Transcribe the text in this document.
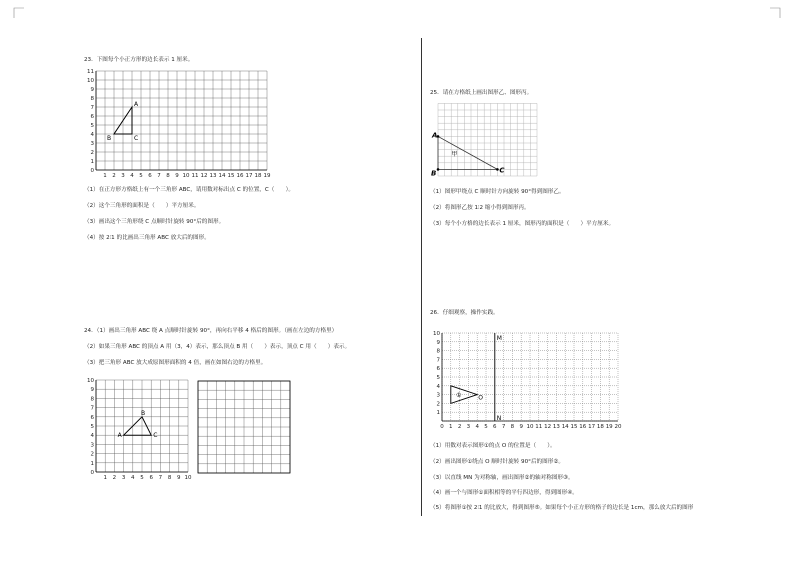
23．下图每个小正方形的边长表示 1 厘米。
1 2 3 4 5 6 7 8 9 10 11 12 13 14 15 16 17 18 19
0
1
2
3
4
5
6
7
8
9
10
11
A
B	C
（1）在正方形方格纸上有一个三角形 ABC，请用数对标出点 C 的位置，C（　　）。
（2）这个三角形的面积是（　　）平方厘米。
（3）画出这个三角形绕 C 点顺时针旋转 90°后的图形。
（4）按 2∶1 的比画出三角形 ABC 放大后的图形。
24．（1）画出三角形 ABC 绕 A 点顺时针旋转 90°，再向右平移 4 格后的图形。（画在左边的方格里）
（2）如果三角形 ABC 的顶点 A 用（3，4）表示，那么顶点 B 用（　　）表示，顶点 C 用（　　）表示。
（3）把三角形 ABC 放大成原图形面积的 4 倍，画在如图右边的方格里。
1 2 3 4 5 6 7 8 9 10
0
1
2
3
4
5
6
7
8
9
10
A
B
C
25．请在方格纸上画出图形乙、图形丙。
A
B	C
甲
（1）图形甲绕点 C 顺时针方向旋转 90°得到图形乙。
（2）将图形乙按 1∶2 缩小得到图形丙。
（3）每个小方格的边长表示 1 厘米，图形丙的面积是（　　）平方厘米。
26．仔细观察，操作实践。
0 1 2 3 4 5 6 7 8 9 10 11 12 13 14 15 16 17 18 19 20
1
2
3
4
5
6
7
8
9
10
M
N
①	O
（1）用数对表示图形①的点 O 的位置是（　　）。
（2）画出图形①绕点 O 顺时针旋转 90°后的图形②。
（3）以直线 MN 为对称轴，画出图形②的轴对称图形③。
（4）画一个与图形①面积相等的平行四边形，得到图形④。
（5）将图形①按 2∶1 的比放大，得到图形⑤。如果每个小正方形的格子的边长是 1cm，那么放大后的图形
